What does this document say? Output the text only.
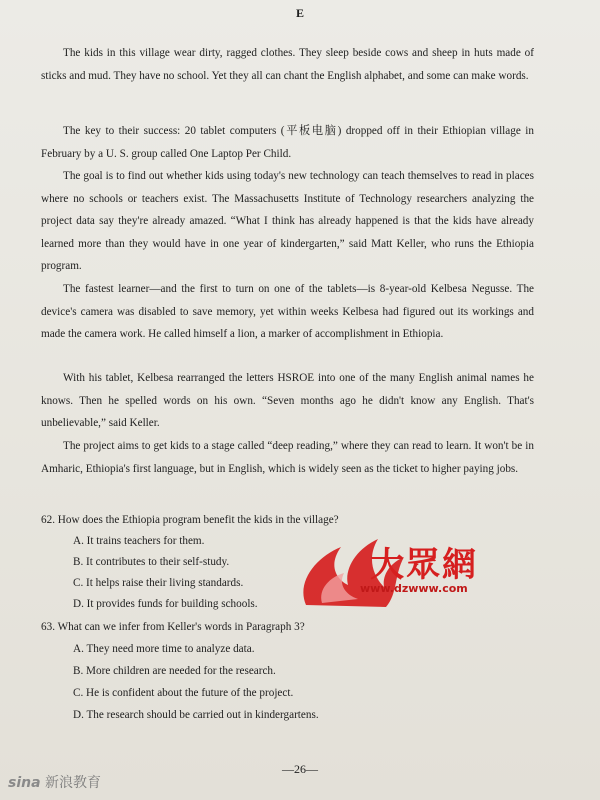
E

The kids in this village wear dirty, ragged clothes. They sleep beside cows and sheep in huts made of sticks and mud. They have no school. Yet they all can chant the English alphabet, and some can make words.

The key to their success: 20 tablet computers (平板电脑) dropped off in their Ethiopian village in February by a U. S. group called One Laptop Per Child.

The goal is to find out whether kids using today's new technology can teach themselves to read in places where no schools or teachers exist. The Massachusetts Institute of Technology researchers analyzing the project data say they're already amazed. “What I think has already happened is that the kids have already learned more than they would have in one year of kindergarten,” said Matt Keller, who runs the Ethiopia program.

The fastest learner—and the first to turn on one of the tablets—is 8-year-old Kelbesa Negusse. The device's camera was disabled to save memory, yet within weeks Kelbesa had figured out its workings and made the camera work. He called himself a lion, a marker of accomplishment in Ethiopia.

With his tablet, Kelbesa rearranged the letters HSROE into one of the many English animal names he knows. Then he spelled words on his own. “Seven months ago he didn't know any English. That's unbelievable,” said Keller.

The project aims to get kids to a stage called “deep reading,” where they can read to learn. It won't be in Amharic, Ethiopia's first language, but in English, which is widely seen as the ticket to higher paying jobs.

62. How does the Ethiopia program benefit the kids in the village?

A. It trains teachers for them.

B. It contributes to their self-study.

C. It helps raise their living standards.

D. It provides funds for building schools.

63. What can we infer from Keller's words in Paragraph 3?

A. They need more time to analyze data.

B. More children are needed for the research.

C. He is confident about the future of the project.

D. The research should be carried out in kindergartens.

—26—
大眾網
www.dzwww.com
sina 新浪教育
